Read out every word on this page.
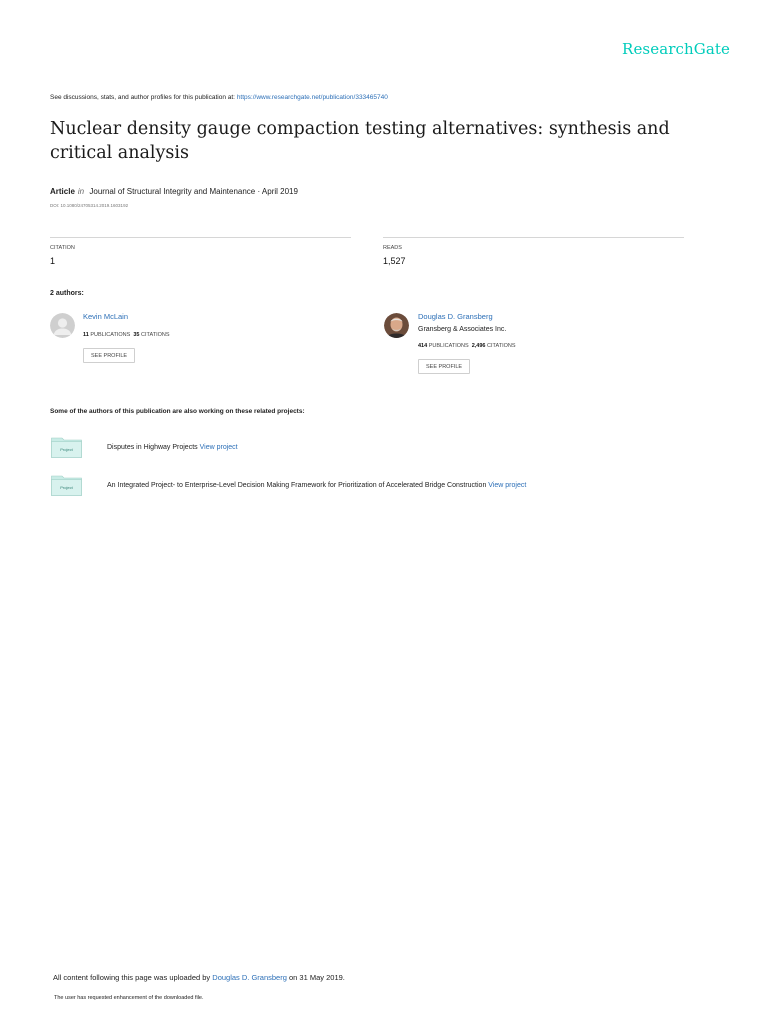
ResearchGate
See discussions, stats, and author profiles for this publication at: https://www.researchgate.net/publication/333465740
Nuclear density gauge compaction testing alternatives: synthesis and critical analysis
Article in Journal of Structural Integrity and Maintenance · April 2019
DOI: 10.1080/24705314.2019.1603192
CITATION
1
READS
1,527
2 authors:
Kevin McLain
11 PUBLICATIONS 35 CITATIONS
SEE PROFILE
Douglas D. Gransberg
Gransberg & Associates Inc.
414 PUBLICATIONS 2,496 CITATIONS
SEE PROFILE
Some of the authors of this publication are also working on these related projects:
Project	Disputes in Highway Projects View project
Project	An Integrated Project- to Enterprise-Level Decision Making Framework for Prioritization of Accelerated Bridge Construction View project
All content following this page was uploaded by Douglas D. Gransberg on 31 May 2019.
The user has requested enhancement of the downloaded file.
